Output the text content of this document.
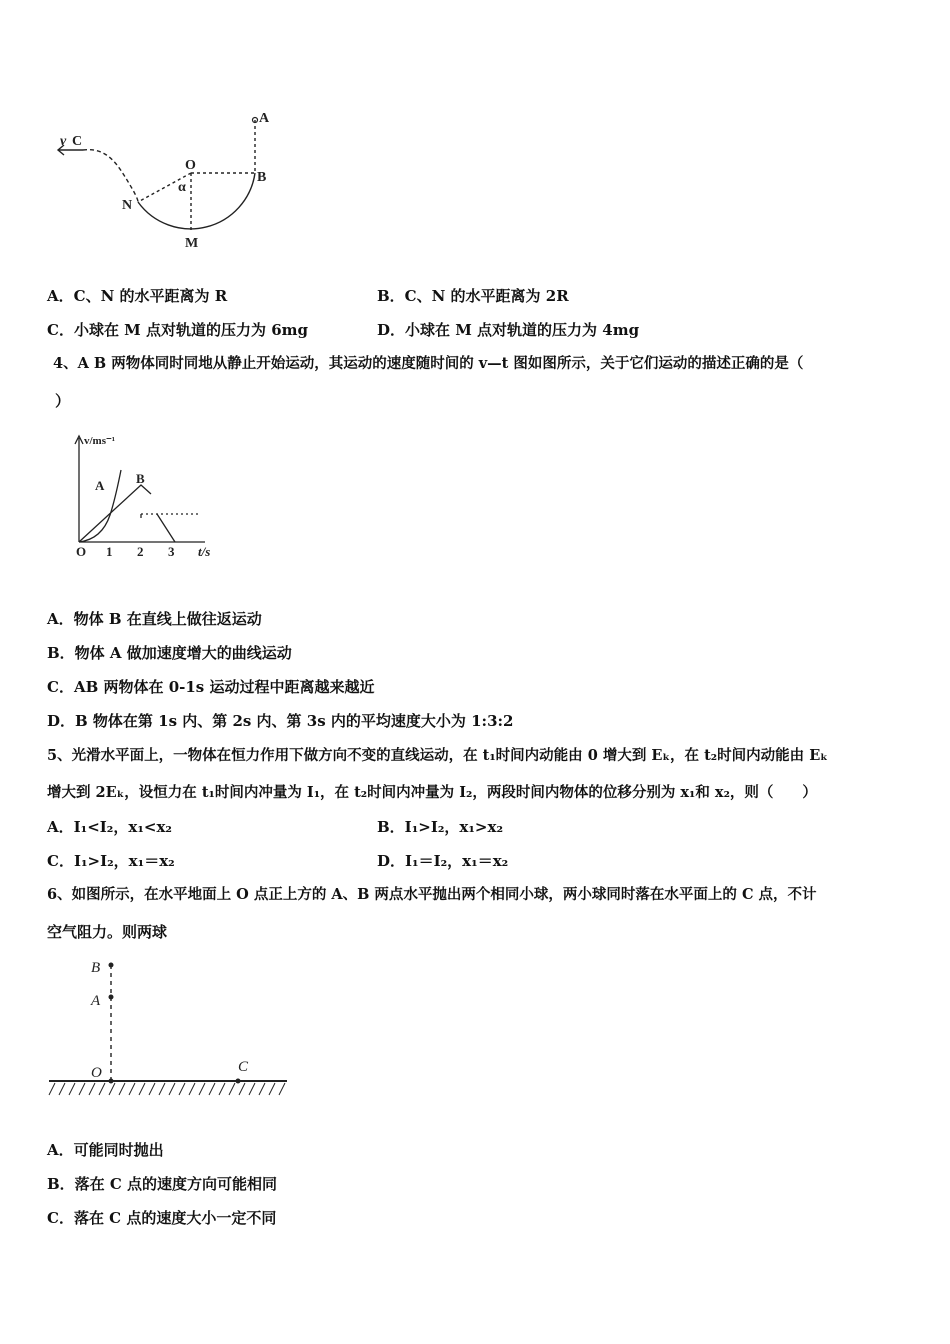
v C
A
O
B
N
α
M
A．C、N 的水平距离为 R	B．C、N 的水平距离为 2R
C．小球在 M 点对轨道的压力为 6mg	D．小球在 M 点对轨道的压力为 4mg
4、A B 两物体同时同地从静止开始运动，其运动的速度随时间的 v—t 图如图所示，关于它们运动的描述正确的是（
）
v/ms⁻¹
A B
O 1 2 3 t/s
A．物体 B 在直线上做往返运动
B．物体 A 做加速度增大的曲线运动
C．AB 两物体在 0-1s 运动过程中距离越来越近
D．B 物体在第 1s 内、第 2s 内、第 3s 内的平均速度大小为 1:3:2
5、光滑水平面上，一物体在恒力作用下做方向不变的直线运动，在 t₁时间内动能由 0 增大到 Eₖ，在 t₂时间内动能由 Eₖ
增大到 2Eₖ，设恒力在 t₁时间内冲量为 I₁，在 t₂时间内冲量为 I₂，两段时间内物体的位移分别为 x₁和 x₂，则（　　）
A．I₁<I₂，x₁<x₂	B．I₁>I₂，x₁>x₂
C．I₁>I₂，x₁＝x₂	D．I₁＝I₂，x₁＝x₂
6、如图所示，在水平地面上 O 点正上方的 A、B 两点水平抛出两个相同小球，两小球同时落在水平面上的 C 点，不计
空气阻力。则两球
B
A
O	C
A．可能同时抛出
B．落在 C 点的速度方向可能相同
C．落在 C 点的速度大小一定不同
